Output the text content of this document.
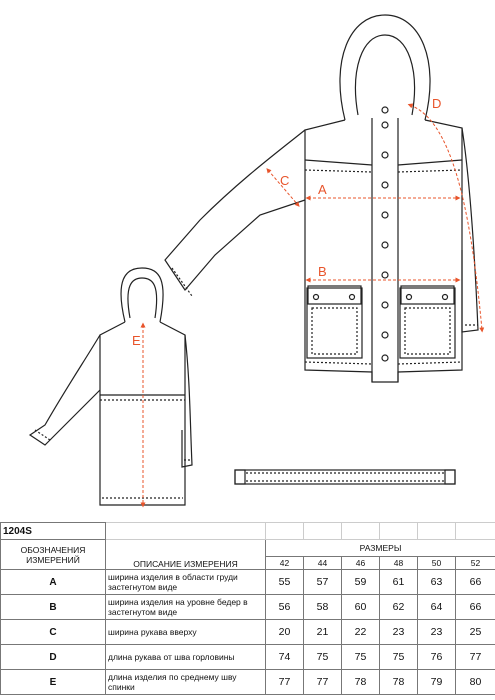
A
B
C
D
E
1204S							
ОБОЗНАЧЕНИЯ ИЗМЕРЕНИЙ	ОПИСАНИЕ ИЗМЕРЕНИЯ	РАЗМЕРЫ					
		42	44	46	48	50	52
A	ширина изделия в области груди застегнутом виде	55	57	59	61	63	66
B	ширина изделия на уровне бедер в застегнутом виде	56	58	60	62	64	66
C	ширина рукава вверху	20	21	22	23	23	25
D	длина рукава от шва горловины	74	75	75	75	76	77
E	длина изделия по среднему шву спинки	77	77	78	78	79	80
